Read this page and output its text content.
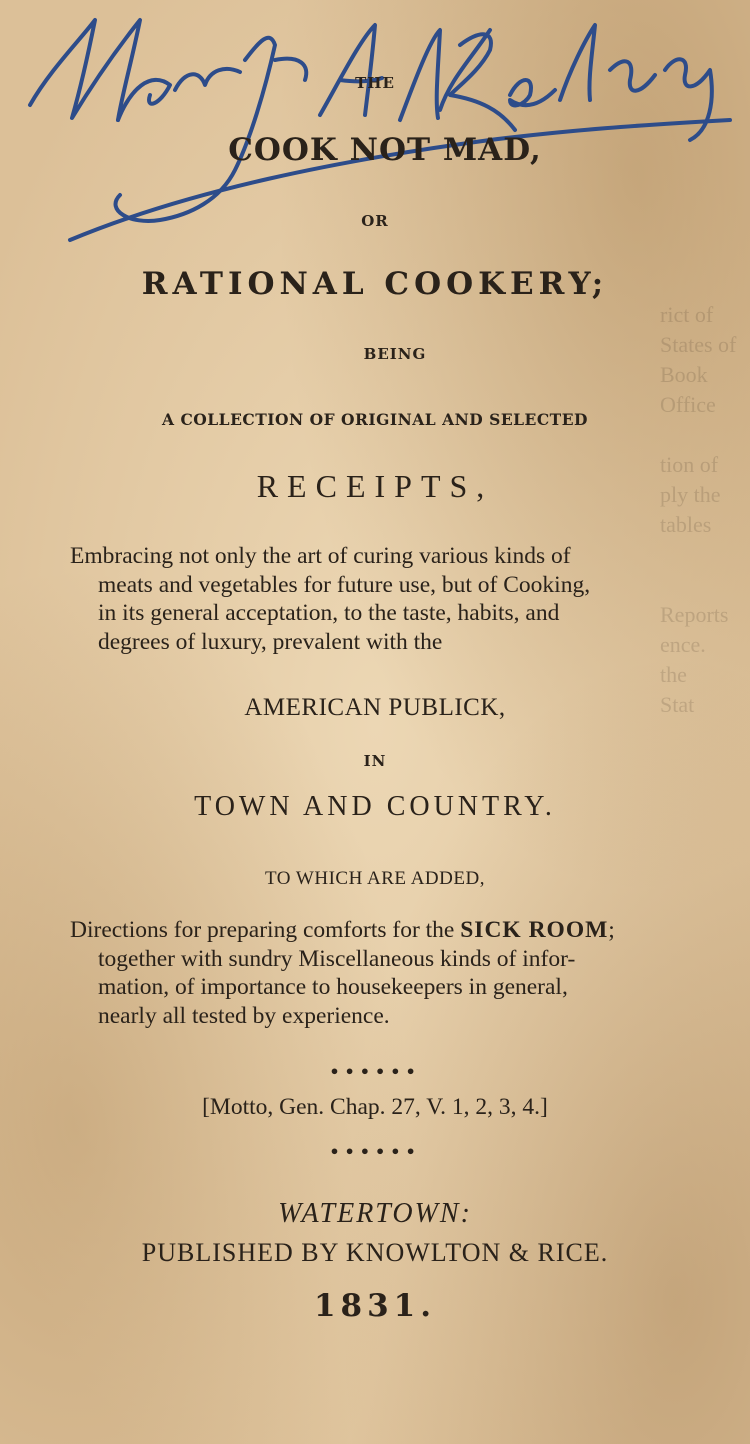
rict of
States of
Book
Office

tion of
ply the
tables

Reports
ence.
the
Stat
THE
COOK NOT MAD,
OR
RATIONAL COOKERY;
BEING
A COLLECTION OF ORIGINAL AND SELECTED
RECEIPTS,
Embracing not only the art of curing various kinds of
meats and vegetables for future use, but of Cooking,
in its general acceptation, to the taste, habits, and
degrees of luxury, prevalent with the
AMERICAN PUBLICK,
IN
TOWN AND COUNTRY.
TO WHICH ARE ADDED,
Directions for preparing comforts for the SICK ROOM;
together with sundry Miscellaneous kinds of infor-
mation, of importance to housekeepers in general,
nearly all tested by experience.
••••••
[Motto, Gen. Chap. 27, V. 1, 2, 3, 4.]
••••••
WATERTOWN:
PUBLISHED BY KNOWLTON & RICE.
1831.
